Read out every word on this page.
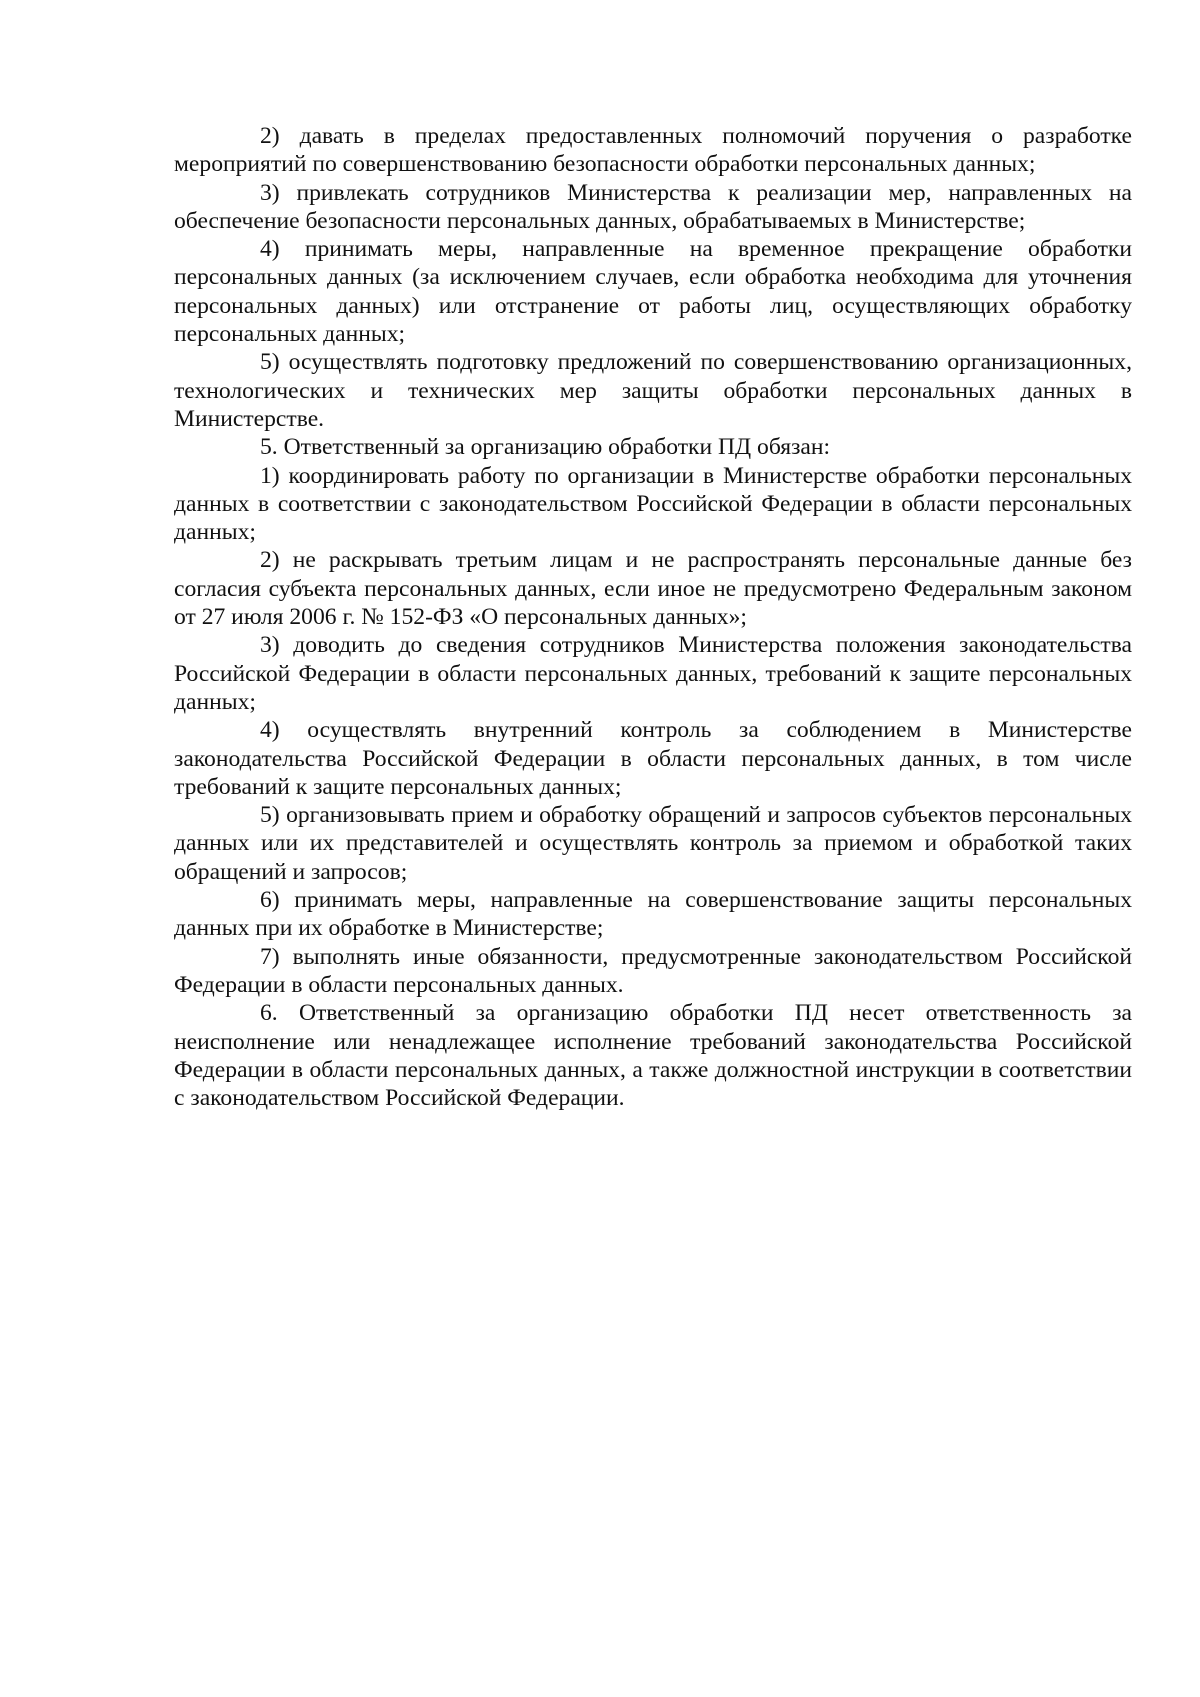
2) давать в пределах предоставленных полномочий поручения о разработке мероприятий по совершенствованию безопасности обработки персональных данных;

3) привлекать сотрудников Министерства к реализации мер, направленных на обеспечение безопасности персональных данных, обрабатываемых в Министерстве;

4) принимать меры, направленные на временное прекращение обработки персональных данных (за исключением случаев, если обработка необходима для уточнения персональных данных) или отстранение от работы лиц, осуществляющих обработку персональных данных;

5) осуществлять подготовку предложений по совершенствованию организационных, технологических и технических мер защиты обработки персональных данных в Министерстве.

5. Ответственный за организацию обработки ПД обязан:

1) координировать работу по организации в Министерстве обработки персональных данных в соответствии с законодательством Российской Федерации в области персональных данных;

2) не раскрывать третьим лицам и не распространять персональные данные без согласия субъекта персональных данных, если иное не предусмотрено Федеральным законом от 27 июля 2006 г. № 152-ФЗ «О персональных данных»;

3) доводить до сведения сотрудников Министерства положения законодательства Российской Федерации в области персональных данных, требований к защите персональных данных;

4) осуществлять внутренний контроль за соблюдением в Министерстве законодательства Российской Федерации в области персональных данных, в том числе требований к защите персональных данных;

5) организовывать прием и обработку обращений и запросов субъектов персональных данных или их представителей и осуществлять контроль за приемом и обработкой таких обращений и запросов;

6) принимать меры, направленные на совершенствование защиты персональных данных при их обработке в Министерстве;

7) выполнять иные обязанности, предусмотренные законодательством Российской Федерации в области персональных данных.

6. Ответственный за организацию обработки ПД несет ответственность за неисполнение или ненадлежащее исполнение требований законодательства Российской Федерации в области персональных данных, а также должностной инструкции в соответствии с законодательством Российской Федерации.
